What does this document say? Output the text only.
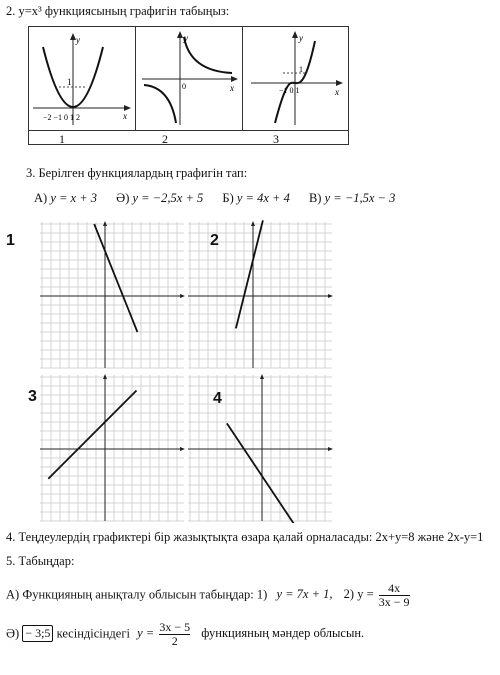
2. y=x³ функциясының графигін табыңыз:
y
x
1
−2 −1 0 1 2
y
x
0
y
x
1
−1 0 1
1	2	3
3. Берілген функциялардың графигін тап:
А) y = x + 3 Ә) y = −2,5x + 5 Б) y = 4x + 4 В) y = −1,5x − 3
1	2
3	4
4. Теңдеулердің графиктері бір жазықтықта өзара қалай орналасады: 2x+y=8 және 2x-y=1
5. Табыңдар:
А) Функцияның анықталу облысын табыңдар: 1) y = 7x + 1, 2) $y = \frac{4x}{3x - 9}$
Ә) − 3;5 кесіндісіндегі $y = \frac{3x - 5}{2}$ функцияның мәндер облысын.
